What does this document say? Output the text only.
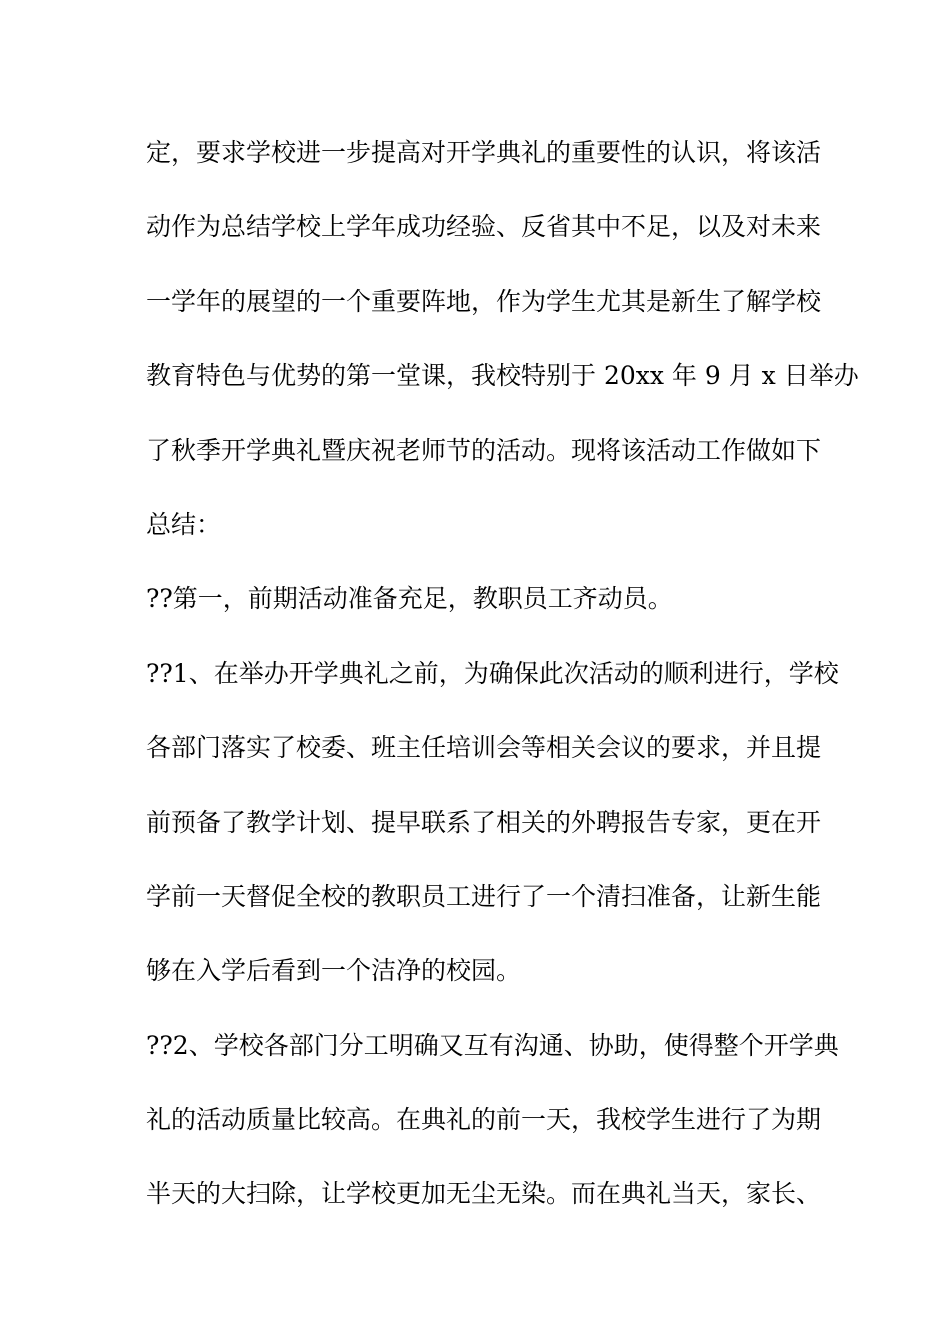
定，要求学校进一步提高对开学典礼的重要性的认识，将该活
动作为总结学校上学年成功经验、反省其中不足，以及对未来
一学年的展望的一个重要阵地，作为学生尤其是新生了解学校
教育特色与优势的第一堂课，我校特别于 20xx 年 9 月 x 日举办
了秋季开学典礼暨庆祝老师节的活动。现将该活动工作做如下
总结：
??第一，前期活动准备充足，教职员工齐动员。
??1、在举办开学典礼之前，为确保此次活动的顺利进行，学校
各部门落实了校委、班主任培训会等相关会议的要求，并且提
前预备了教学计划、提早联系了相关的外聘报告专家，更在开
学前一天督促全校的教职员工进行了一个清扫准备，让新生能
够在入学后看到一个洁净的校园。
??2、学校各部门分工明确又互有沟通、协助，使得整个开学典
礼的活动质量比较高。在典礼的前一天，我校学生进行了为期
半天的大扫除，让学校更加无尘无染。而在典礼当天，家长、
